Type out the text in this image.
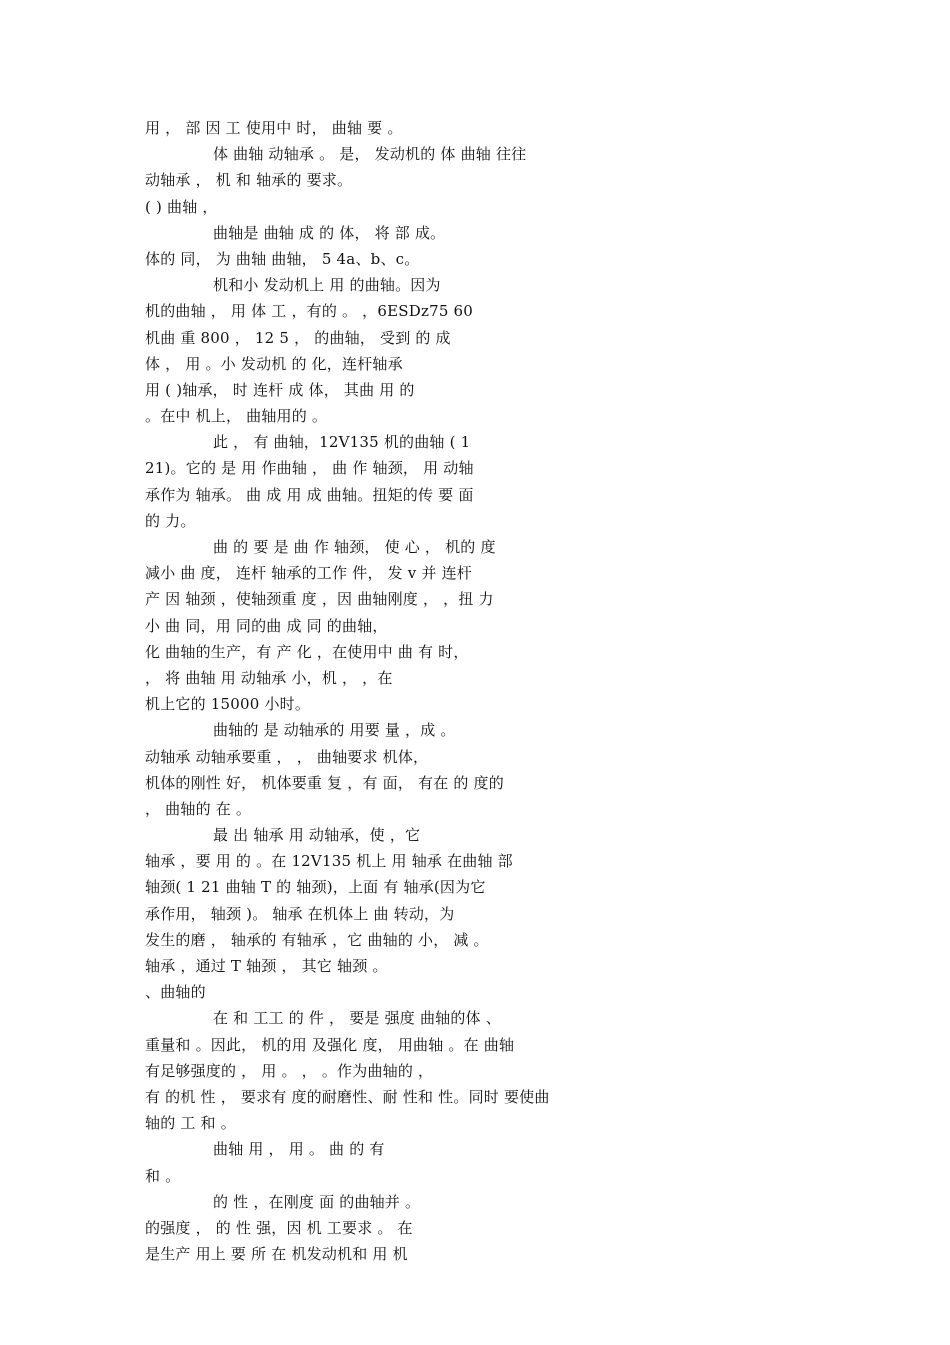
用 ， 部 因 工 使用中 时， 曲轴 要 。
体 曲轴 动轴承 。 是， 发动机的 体 曲轴 往往
动轴承 ， 机 和 轴承的 要求。
( ) 曲轴 ，
曲轴是 曲轴 成 的 体， 将 部 成。
体的 同， 为 曲轴 曲轴， 5 4a、b、c。
机和小 发动机上 用 的曲轴。因为
机的曲轴 ， 用 体 工 ，有的 。 ，6ESDz75 60
机曲 重 800 ， 12 5 ， 的曲轴， 受到 的 成
体 ， 用 。小 发动机 的 化，连杆轴承
用 ( )轴承， 时 连杆 成 体， 其曲 用 的
。在中 机上， 曲轴用的 。
此 ， 有 曲轴，12V135 机的曲轴 ( 1
21)。它的 是 用 作曲轴 ， 曲 作 轴颈， 用 动轴
承作为 轴承。 曲 成 用 成 曲轴。扭矩的传 要 面
的 力。
曲 的 要 是 曲 作 轴颈， 使 心 ， 机的 度
减小 曲 度， 连杆 轴承的工作 件， 发 v 并 连杆
产 因 轴颈 ，使轴颈重 度 ，因 曲轴刚度 ， ，扭 力
小 曲 同，用 同的曲 成 同 的曲轴，
化 曲轴的生产，有 产 化 ，在使用中 曲 有 时，
， 将 曲轴 用 动轴承 小，机 ， ，在
机上它的 15000 小时。
曲轴的 是 动轴承的 用要 量 ，成 。
动轴承 动轴承要重 ， ， 曲轴要求 机体，
机体的刚性 好， 机体要重 复 ，有 面， 有在 的 度的
， 曲轴的 在 。
最 出 轴承 用 动轴承，使 ，它
轴承 ，要 用 的 。在 12V135 机上 用 轴承 在曲轴 部
轴颈( 1 21 曲轴 T 的 轴颈)，上面 有 轴承(因为它
承作用， 轴颈 )。 轴承 在机体上 曲 转动，为
发生的磨 ， 轴承的 有轴承 ，它 曲轴的 小， 减 。
轴承 ，通过 T 轴颈 ， 其它 轴颈 。
、曲轴的
在 和 工工 的 件 ， 要是 强度 曲轴的体 、
重量和 。因此， 机的用 及强化 度， 用曲轴 。在 曲轴
有足够强度的 ， 用 。 ， 。作为曲轴的 ，
有 的机 性 ， 要求有 度的耐磨性、耐 性和 性。同时 要使曲
轴的 工 和 。
曲轴 用 ， 用 。 曲 的 有
和 。
的 性 ，在刚度 面 的曲轴并 。
的强度 ， 的 性 强，因 机 工要求 。 在
是生产 用上 要 所 在 机发动机和 用 机
